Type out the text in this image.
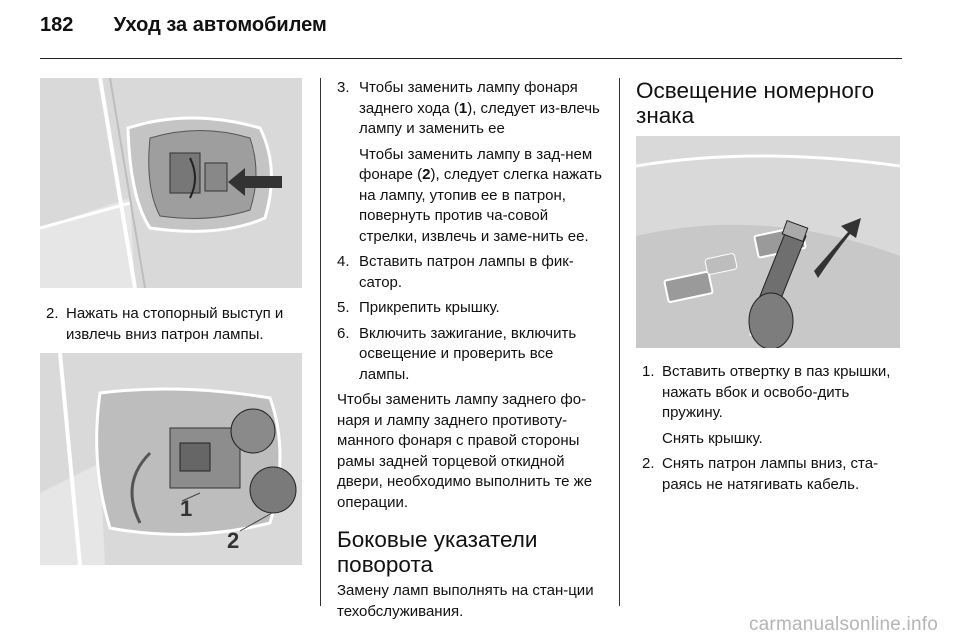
182 Уход за автомобилем
2. Нажать на стопорный выступ и извлечь вниз патрон лампы.
1
2
3. Чтобы заменить лампу фонаря заднего хода (1), следует из-влечь лампу и заменить ее
Чтобы заменить лампу в зад-нем фонаре (2), следует слегка нажать на лампу, утопив ее в патрон, повернуть против ча-совой стрелки, извлечь и заме-нить ее.
4. Вставить патрон лампы в фик-сатор.
5. Прикрепить крышку.
6. Включить зажигание, включить освещение и проверить все лампы.

Чтобы заменить лампу заднего фо-наря и лампу заднего противоту-манного фонаря с правой стороны рамы задней торцевой откидной двери, необходимо выполнить те же операции.

Боковые указатели поворота

Замену ламп выполнять на стан-ции техобслуживания.

Освещение номерного знака
1. Вставить отвертку в паз крышки, нажать вбок и освобо-дить пружину.
Снять крышку.
2. Снять патрон лампы вниз, ста-раясь не натягивать кабель.
carmanualsonline.info
